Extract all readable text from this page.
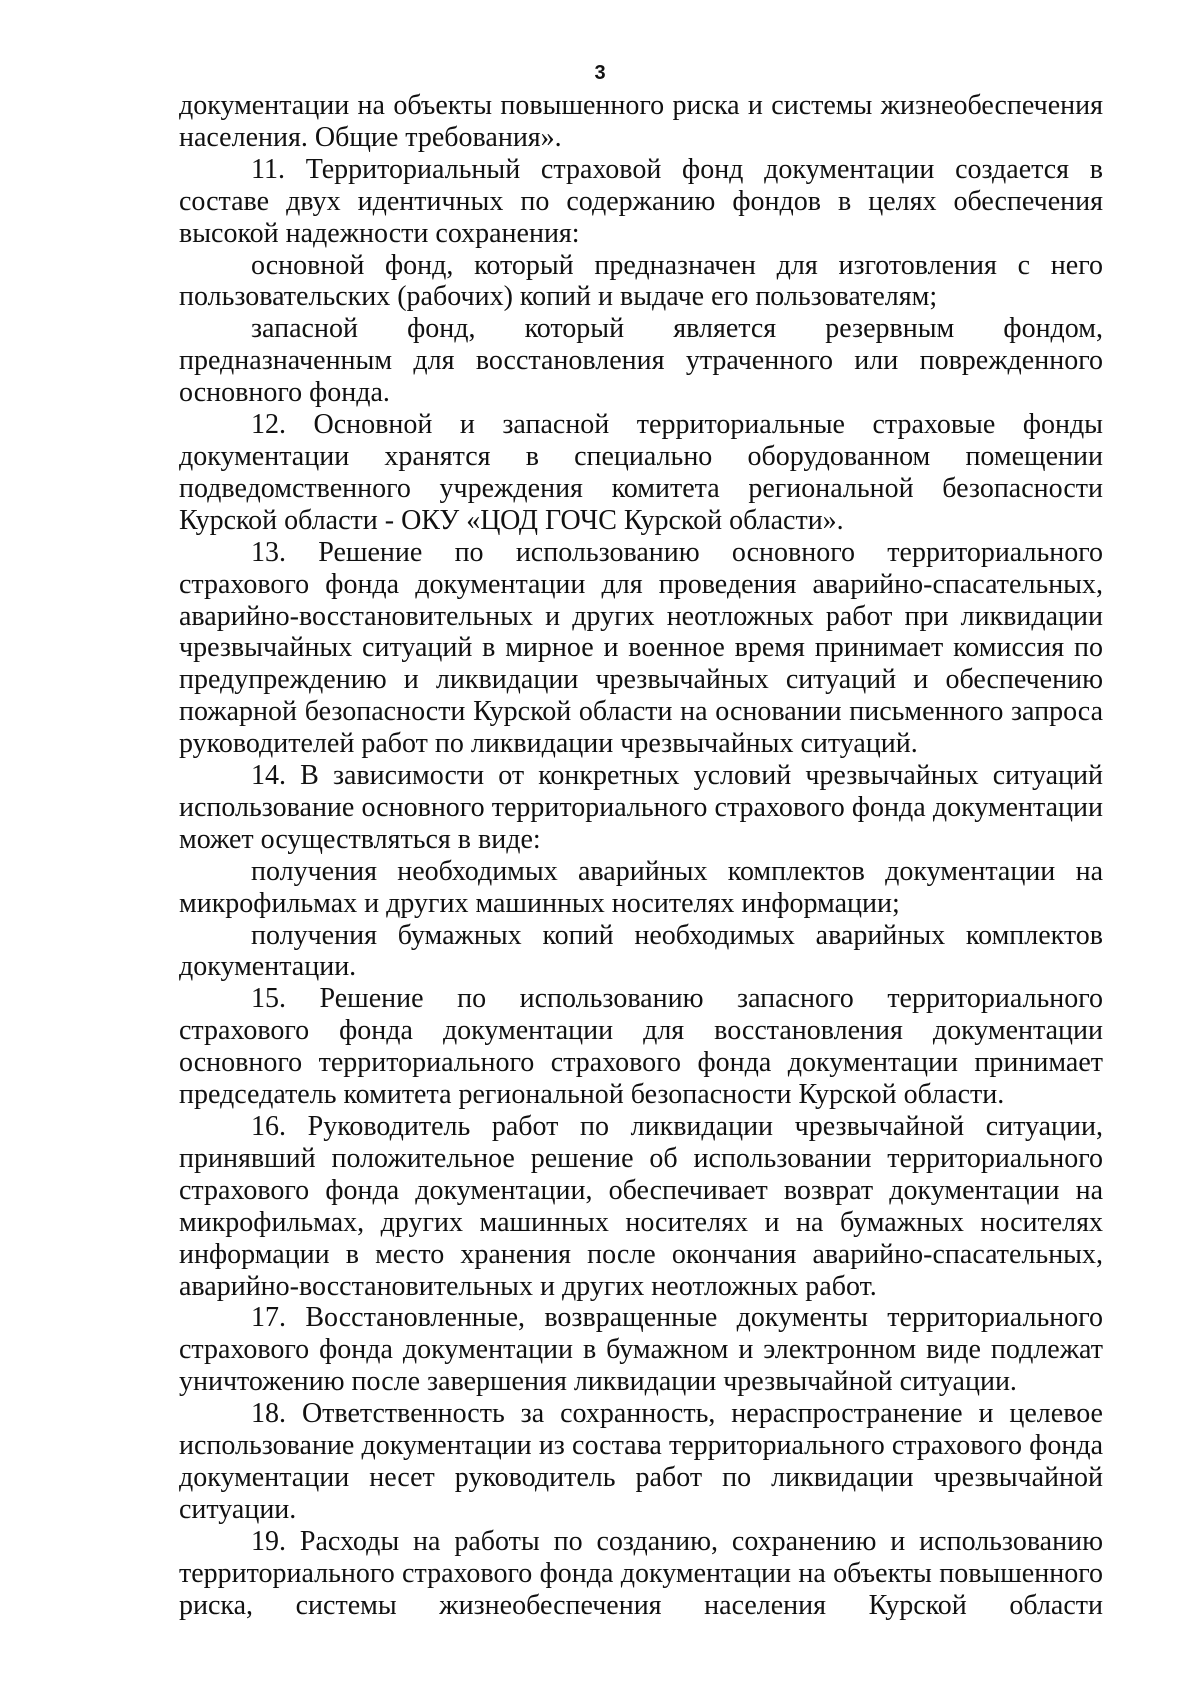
3

документации на объекты повышенного риска и системы жизнеобеспечения населения. Общие требования».

11. Территориальный страховой фонд документации создается в составе двух идентичных по содержанию фондов в целях обеспечения высокой надежности сохранения:

основной фонд, который предназначен для изготовления с него пользовательских (рабочих) копий и выдаче его пользователям;

запасной фонд, который является резервным фондом, предназначенным для восстановления утраченного или поврежденного основного фонда.

12. Основной и запасной территориальные страховые фонды документации хранятся в специально оборудованном помещении подведомственного учреждения комитета региональной безопасности Курской области - ОКУ «ЦОД ГОЧС Курской области».

13. Решение по использованию основного территориального страхового фонда документации для проведения аварийно-спасательных, аварийно-восстановительных и других неотложных работ при ликвидации чрезвычайных ситуаций в мирное и военное время принимает комиссия по предупреждению и ликвидации чрезвычайных ситуаций и обеспечению пожарной безопасности Курской области на основании письменного запроса руководителей работ по ликвидации чрезвычайных ситуаций.

14. В зависимости от конкретных условий чрезвычайных ситуаций использование основного территориального страхового фонда документации может осуществляться в виде:

получения необходимых аварийных комплектов документации на микрофильмах и других машинных носителях информации;

получения бумажных копий необходимых аварийных комплектов документации.

15. Решение по использованию запасного территориального страхового фонда документации для восстановления документации основного территориального страхового фонда документации принимает председатель комитета региональной безопасности Курской области.

16. Руководитель работ по ликвидации чрезвычайной ситуации, принявший положительное решение об использовании территориального страхового фонда документации, обеспечивает возврат документации на микрофильмах, других машинных носителях и на бумажных носителях информации в место хранения после окончания аварийно-спасательных, аварийно-восстановительных и других неотложных работ.

17. Восстановленные, возвращенные документы территориального страхового фонда документации в бумажном и электронном виде подлежат уничтожению после завершения ликвидации чрезвычайной ситуации.

18. Ответственность за сохранность, нераспространение и целевое использование документации из состава территориального страхового фонда документации несет руководитель работ по ликвидации чрезвычайной ситуации.

19. Расходы на работы по созданию, сохранению и использованию территориального страхового фонда документации на объекты повышенного риска, системы жизнеобеспечения населения Курской области
